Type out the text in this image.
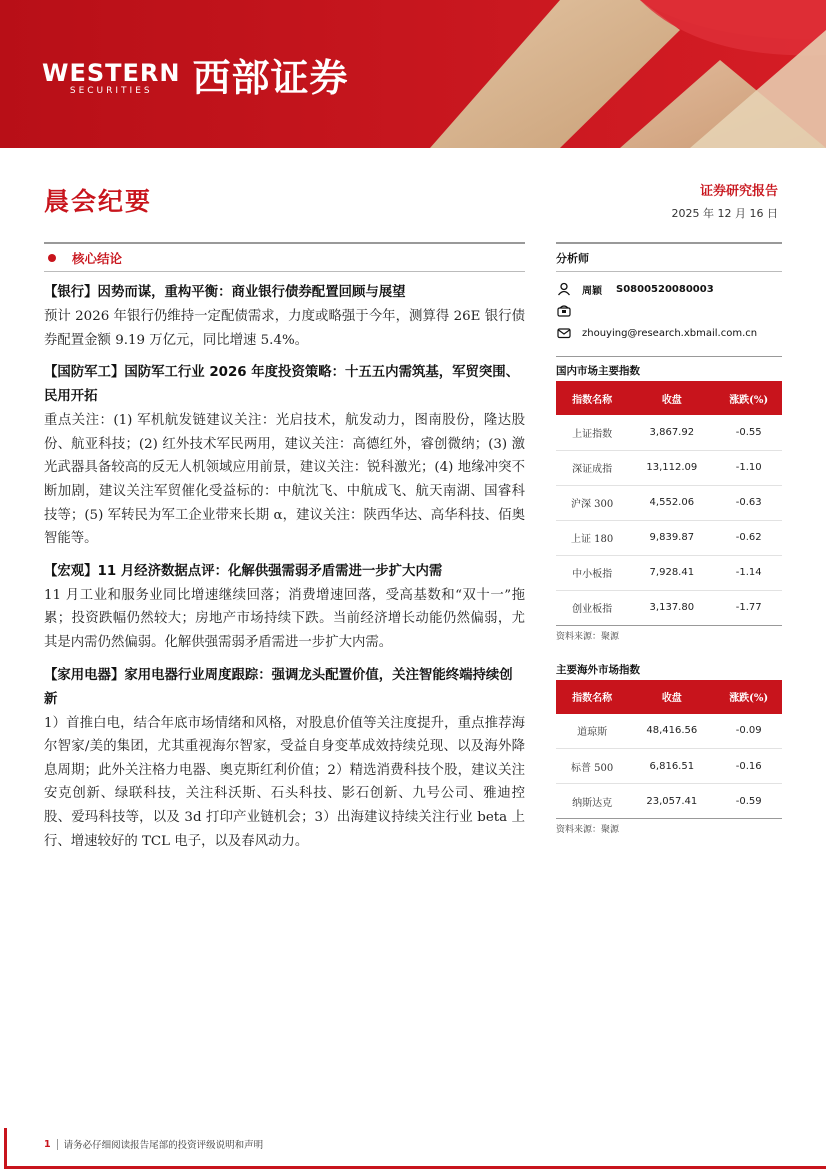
WESTERN
SECURITIES 西部证券
晨会纪要	证券研究报告
2025 年 12 月 16 日
核心结论
【银行】因势而谋，重构平衡：商业银行债券配置回顾与展望

预计 2026 年银行仍维持一定配债需求，力度或略强于今年，测算得 26E 银行债券配置金额 9.19 万亿元，同比增速 5.4%。

【国防军工】国防军工行业 2026 年度投资策略：十五五内需筑基，军贸突围、民用开拓

重点关注：(1) 军机航发链建议关注：光启技术，航发动力，图南股份，隆达股份、航亚科技；(2) 红外技术军民两用，建议关注：高德红外，睿创微纳；(3) 激光武器具备较高的反无人机领域应用前景，建议关注：锐科激光；(4) 地缘冲突不断加剧，建议关注军贸催化受益标的：中航沈飞、中航成飞、航天南湖、国睿科技等；(5) 军转民为军工企业带来长期 α，建议关注：陕西华达、高华科技、佰奥智能等。

【宏观】11 月经济数据点评：化解供强需弱矛盾需进一步扩大内需

11 月工业和服务业同比增速继续回落；消费增速回落，受高基数和“双十一”拖累；投资跌幅仍然较大；房地产市场持续下跌。当前经济增长动能仍然偏弱，尤其是内需仍然偏弱。化解供强需弱矛盾需进一步扩大内需。

【家用电器】家用电器行业周度跟踪：强调龙头配置价值，关注智能终端持续创新

1）首推白电，结合年底市场情绪和风格，对股息价值等关注度提升，重点推荐海尔智家/美的集团，尤其重视海尔智家，受益自身变革成效持续兑现、以及海外降息周期；此外关注格力电器、奥克斯红利价值；2）精选消费科技个股，建议关注安克创新、绿联科技，关注科沃斯、石头科技、影石创新、九号公司、雅迪控股、爱玛科技等，以及 3d 打印产业链机会；3）出海建议持续关注行业 beta 上行、增速较好的 TCL 电子，以及春风动力。

分析师
周颖 S0800520080003
zhouying@research.xbmail.com.cn
国内市场主要指数
指数名称	收盘	涨跌(%)
上证指数	3,867.92	-0.55
深证成指	13,112.09	-1.10
沪深 300	4,552.06	-0.63
上证 180	9,839.87	-0.62
中小板指	7,928.41	-1.14
创业板指	3,137.80	-1.77
资料来源：聚源
主要海外市场指数
指数名称	收盘	涨跌(%)
道琼斯	48,416.56	-0.09
标普 500	6,816.51	-0.16
纳斯达克	23,057.41	-0.59
资料来源：聚源
1 请务必仔细阅读报告尾部的投资评级说明和声明
